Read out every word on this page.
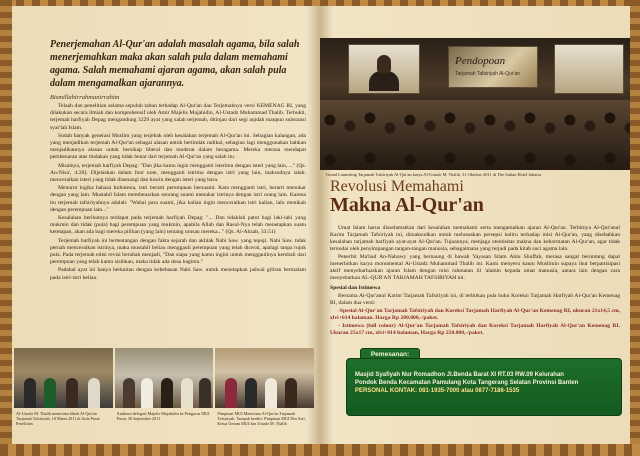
Penerjemahan Al-Qur'an adalah masalah agama, bila salah menerjemahkan maka akan salah pula dalam memahami agama. Salah memahami ajaran agama, akan salah pula dalam mengamalkan ajarannya.
Bismillahirrahmanirrahim

Telaah dan penelitian selama sepuluh tahun terhadap Al-Qur'an dan Terjemahnya versi KEMENAG RI, yang dilakukan secara ilmiah dan komprehensif oleh Amir Majelis Mujahidin, Al-Ustadz Muhammad Thalib. Terbukti, terjemah harfiyah Depag mengandung 3229 ayat yang salah terjemah, ditinjau dari segi aqidah maupun substansi syar'iah Islam.

Sudah banyak generasi Muslim yang terjebak oleh kesalahan terjemah Al-Qur'an ini. Sebagian kalangan, ada yang menjadikan terjemah Al-Qur'an sebagai alasan untuk bertindak radikal, sebagian lagi menggunakan bahkan menjadikannya alasan untuk bersikap liberal dan moderat dalam beragama. Mereka merasa mendapat pembenaran atas tindakan yang tidak benar dari terjemah Al-Qur'an yang salah itu.

Misalnya, terjemah harfiyah Depag: "Dan jika kamu ingin mengganti isterimu dengan isteri yang lain, ..." (Qs. An-Nisa', 4:20). Dijelaskan dalam foot note, mengganti istrimu dengan istri yang lain, maksudnya ialah: menceraikan isteri yang tidak disenangi dan kawin dengan isteri yang baru.

Menurut logika bahasa Indonesia, istri berarti perempuan bersuami. Kata mengganti istri, berarti menukar dengan yang lain. Mustahil Islam membenarkan seorang suami menukar istrinya dengan istri orang lain. Karena itu terjemah tafsiriyahnya adalah: "Wahai para suami, jika kalian ingin menceraikan istri kalian, lalu menikah dengan perempuan lain..."

Kesalahan berikutnya terdapat pada terjemah harfiyah Depag: "... Dan tidaklah patut bagi laki-laki yang mukmin dan tidak (pula) bagi perempuan yang mukmin, apabila Allah dan Rasul-Nya telah menetapkan suatu ketetapan, akan ada bagi mereka pilihan (yang lain) tentang urusan mereka..." (Qs. Al-Ahzab, 33:51)

Terjemah harfiyah ini bertentangan dengan fakta sejarah dan akhlak Nabi Saw. yang tepuji. Nabi Saw. tidak pernah menceraikan istrinya, maka mustahil beliau menggauli perempuan yang telah dicerai, apalagi tanpa rujuk pula. Pada terjemah edisi revisi berubah menjadi, "Dan siapa yang kamu ingini untuk menggaulinya kembali dari perempuan yang telah kamu sisihkan, maka tidak ada dosa bagimu."

Padahal ayat ini hanya berkaitan dengan kebebasan Nabi Saw. untuk menetapkan jadwal giliran bermalam pada istri-istri beliau.

Al-Ustadz M. Thalib menerima hibah Al-Qur'an Tarjamah Tafsiriyah, 10 Maret 2011 di Aula Pusat Penelitian
Audiensi delegasi Majelis Mujahidin ke Pengurus MUI Pusat, 30 September 2011
Pimpinan MUI Menerima Al-Qur'an Tarjamah Tafsiriyah. Tampak berdiri: Pimpinan MUI Din Asri, Ketua Umum MUI dan Ustadz M. Thalib
Pendopoan
Tarjamah Tafsiriyah Al-Qur'an
Grand Launching Tarjamah Tafsiriyah Al-Qur'an karya Al-Ustadz M. Thalib, 31 Oktober 2011 di The Sultan Hotel Jakarta
Revolusi Memahami
Makna Al-Qur'an

Umat Islam harus disselamatkan dari kesalahan memahami serta mengamalkan ajaran Al-Qur'an. Terbitnya Al-Qur'anul Karim Tarjamah Tafsiriyah ini, dimaksudkan untuk melunaskan persepsi keliru terhadap misi Al-Qur'an, yang disebabkan kesalahan tarjamah harfiyah ayat-ayat Al-Qur'an. Tujuannya, menjaga otentisitas makna dan kehormatan Al-Qur'an, agar tidak ternodai oleh penyimpangan tangan-tangan manusia, sebagaimana yang terjadi pada kitab suci agama lain.

Penerbit Ma'had An-Nabawy yang bernaung di bawah Yayasan Islam Ahlu Shuffah, merasa sangat beruntung dapat menerbitkan karya monumental Al-Ustadz Muhammad Thalib ini. Kami menyeru kaum Muslimin supaya ikut berpartisipasi aktif menyebarluaskan ajaran Islam dengan misi rahmatan lil 'alamin kepada umat manusia, antara lain dengan cara menyebarkan AL-QUR'AN TARJAMAH TAFSIRIYAH ini.

Spesial dan Istimewa

Bersama Al-Qur'anul Karim Tarjamah Tafsiriyah ini, di terbitkan pula buku Koreksi Tarjamah Harfiyah Al-Qur'an Kemenag RI, dalam dua versi:

-Spesial Al-Qur'an Tarjamah Tafsiriyah dan Koreksi Tarjamah Harfiyah Al-Qur'an Kemenag RI, ukuran 21x14,5 cm, xlvi+614 halaman. Harga Rp 200.000,-/paket.

- Istimewa (full colour) Al-Qur'an Tarjamah Tafsiriyah dan Koreksi Tarjamah Harfiyah Al-Qur'an Kemenag RI. Ukuran 25x17 cm, xlvi+814 halaman, Harga Rp 250.000,-/paket.

Pemesanan:
Masjid Syafiyah Nur Romadhon Jl.Benda Barat XI RT.03 RW.09 Kelurahan
Pondok Benda Kecamatan Pamulang Kota Tangerang Selatan Provinsi Banten
PERSONAL KONTAK: 081-1935-7000 atau 0877-7186-1535
